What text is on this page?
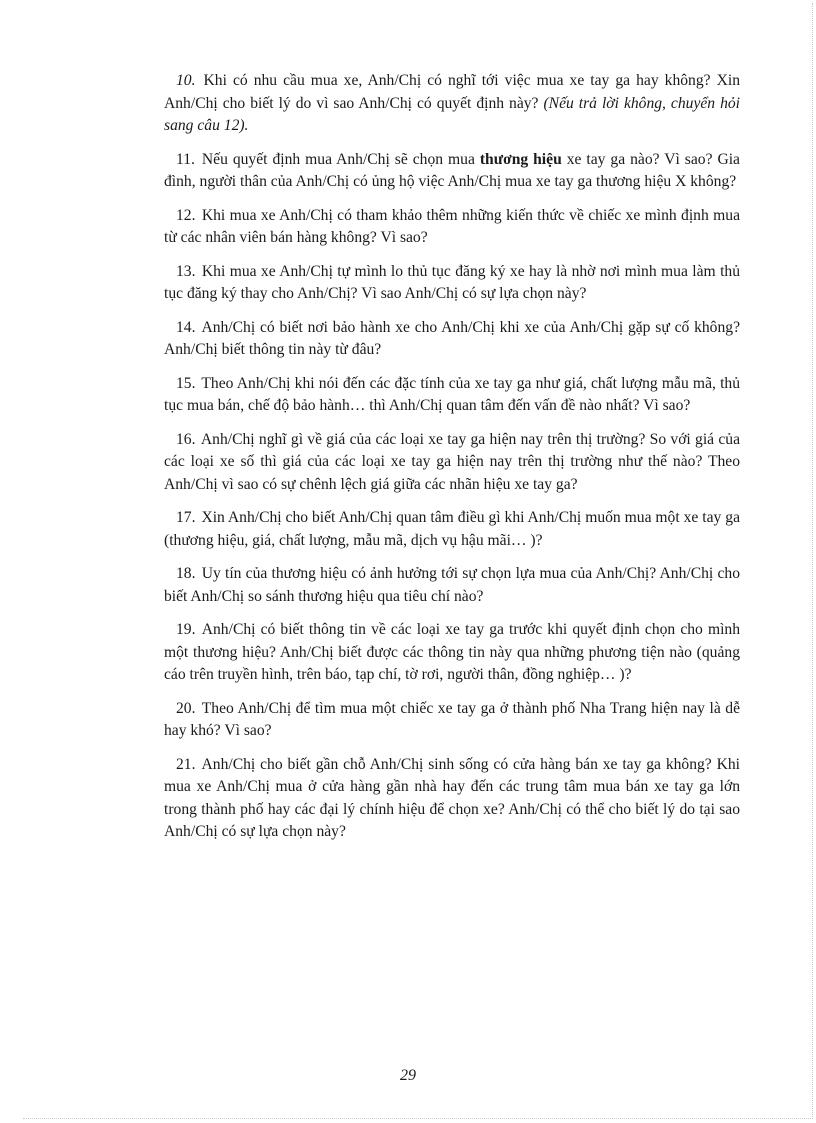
10. Khi có nhu cầu mua xe, Anh/Chị có nghĩ tới việc mua xe tay ga hay không? Xin Anh/Chị cho biết lý do vì sao Anh/Chị có quyết định này? (Nếu trả lời không, chuyển hỏi sang câu 12).

11. Nếu quyết định mua Anh/Chị sẽ chọn mua thương hiệu xe tay ga nào? Vì sao? Gia đình, người thân của Anh/Chị có ủng hộ việc Anh/Chị mua xe tay ga thương hiệu X không?

12. Khi mua xe Anh/Chị có tham khảo thêm những kiến thức về chiếc xe mình định mua từ các nhân viên bán hàng không? Vì sao?

13. Khi mua xe Anh/Chị tự mình lo thủ tục đăng ký xe hay là nhờ nơi mình mua làm thủ tục đăng ký thay cho Anh/Chị? Vì sao Anh/Chị có sự lựa chọn này?

14. Anh/Chị có biết nơi bảo hành xe cho Anh/Chị khi xe của Anh/Chị gặp sự cố không? Anh/Chị biết thông tin này từ đâu?

15. Theo Anh/Chị khi nói đến các đặc tính của xe tay ga như giá, chất lượng mẫu mã, thủ tục mua bán, chế độ bảo hành… thì Anh/Chị quan tâm đến vấn đề nào nhất? Vì sao?

16. Anh/Chị nghĩ gì về giá của các loại xe tay ga hiện nay trên thị trường? So với giá của các loại xe số thì giá của các loại xe tay ga hiện nay trên thị trường như thế nào? Theo Anh/Chị vì sao có sự chênh lệch giá giữa các nhãn hiệu xe tay ga?

17. Xin Anh/Chị cho biết Anh/Chị quan tâm điều gì khi Anh/Chị muốn mua một xe tay ga (thương hiệu, giá, chất lượng, mẫu mã, dịch vụ hậu mãi… )?

18. Uy tín của thương hiệu có ảnh hưởng tới sự chọn lựa mua của Anh/Chị? Anh/Chị cho biết Anh/Chị so sánh thương hiệu qua tiêu chí nào?

19. Anh/Chị có biết thông tin về các loại xe tay ga trước khi quyết định chọn cho mình một thương hiệu? Anh/Chị biết được các thông tin này qua những phương tiện nào (quảng cáo trên truyền hình, trên báo, tạp chí, tờ rơi, người thân, đồng nghiệp… )?

20. Theo Anh/Chị để tìm mua một chiếc xe tay ga ở thành phố Nha Trang hiện nay là dễ hay khó? Vì sao?

21. Anh/Chị cho biết gần chỗ Anh/Chị sinh sống có cửa hàng bán xe tay ga không? Khi mua xe Anh/Chị mua ở cửa hàng gần nhà hay đến các trung tâm mua bán xe tay ga lớn trong thành phố hay các đại lý chính hiệu để chọn xe? Anh/Chị có thể cho biết lý do tại sao Anh/Chị có sự lựa chọn này?

29
